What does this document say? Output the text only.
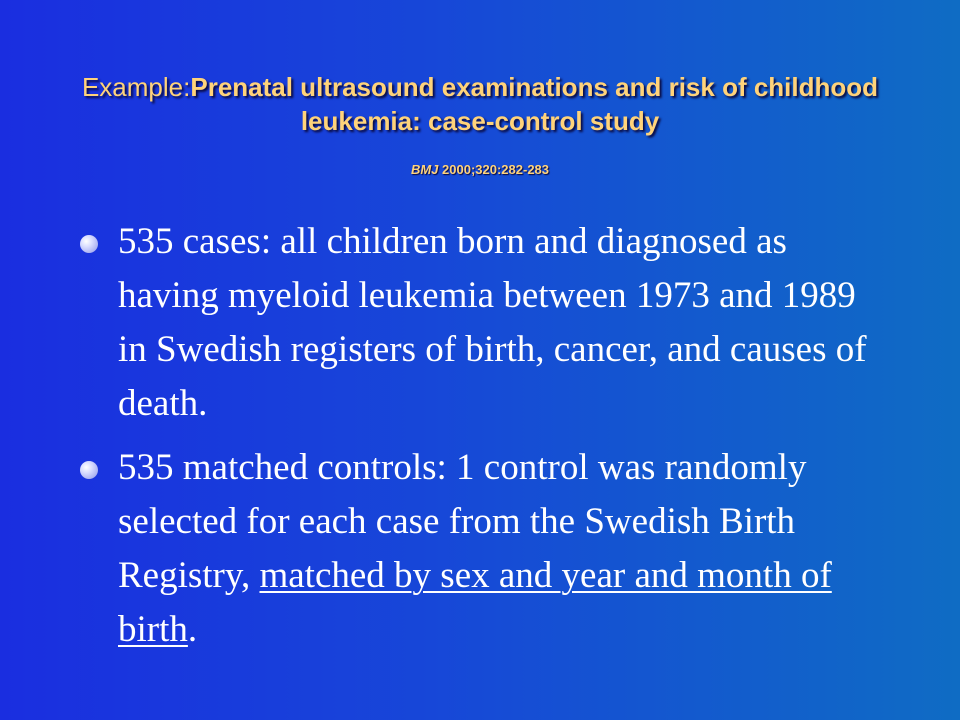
Example:Prenatal ultrasound examinations and risk of childhood leukemia: case-control study
BMJ 2000;320:282-283
535 cases: all children born and diagnosed as having myeloid leukemia between 1973 and 1989 in Swedish registers of birth, cancer, and causes of death.
535 matched controls: 1 control was randomly selected for each case from the Swedish Birth Registry, matched by sex and year and month of birth.
